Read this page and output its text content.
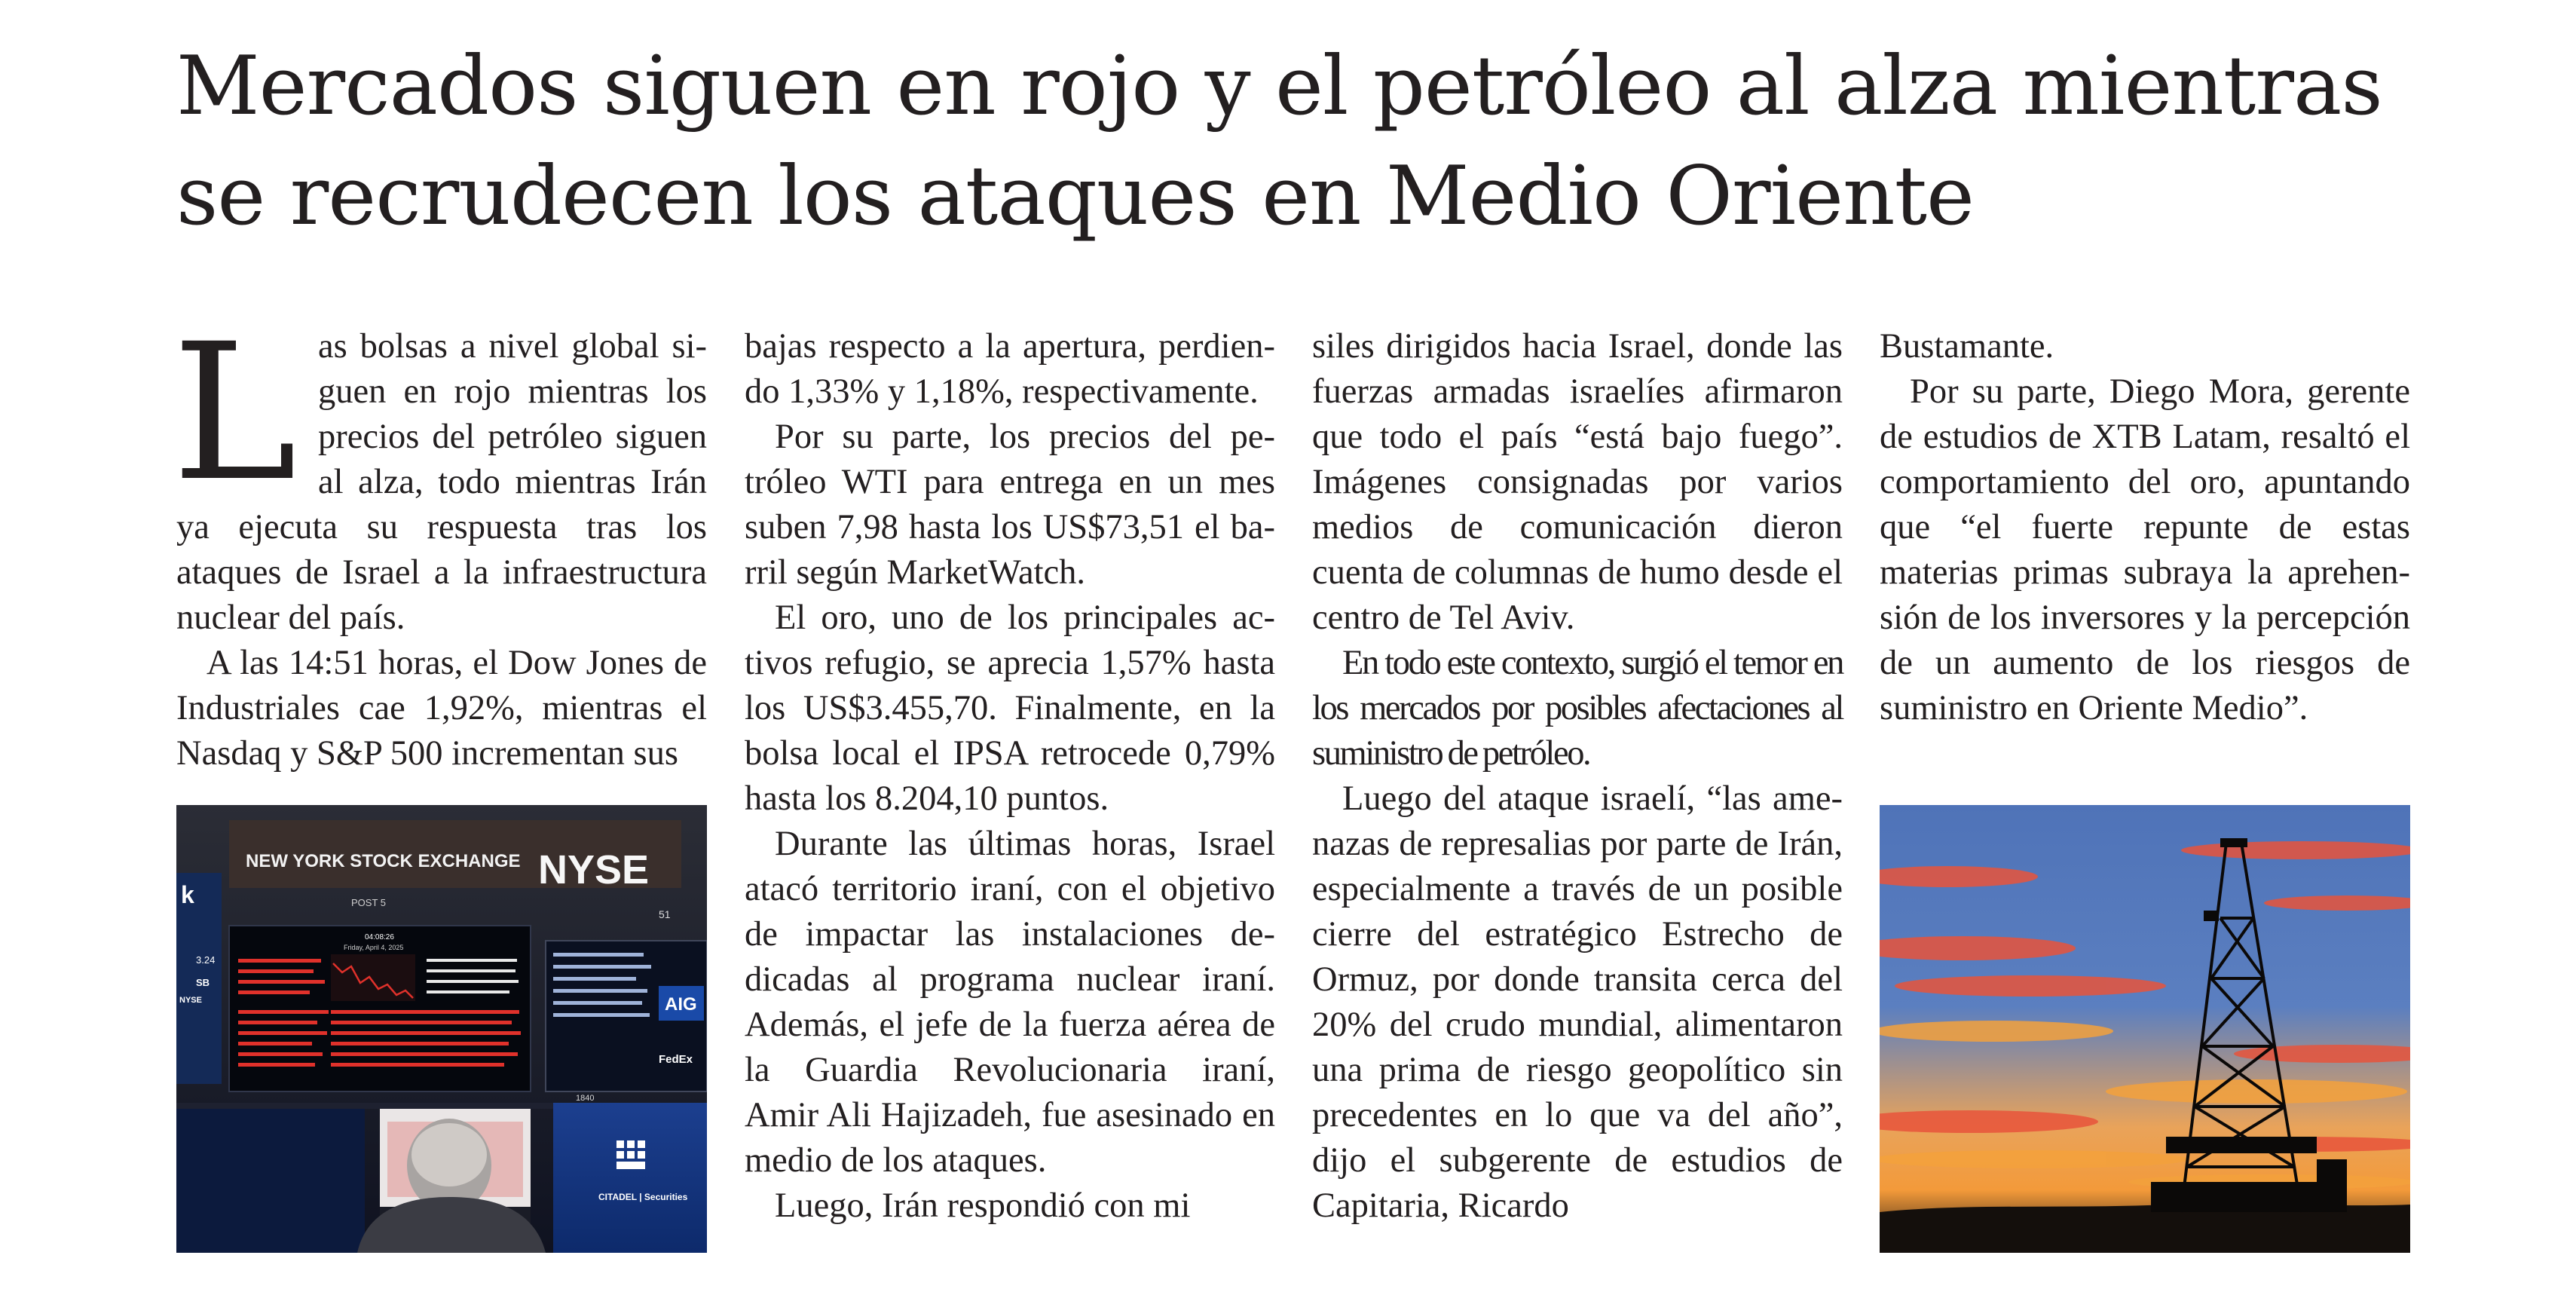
Mercados siguen en rojo y el petróleo al alza mientras
se recrudecen los ataques en Medio Oriente

Las bolsas a nivel global siguen en rojo mientras los precios del petróleo siguen al alza, todo mientras Irán ya ejecuta su respuesta tras los ataques de Israel a la infraestructura nuclear del país.

A las 14:51 horas, el Dow Jones de Industriales cae 1,92%, mientras el Nasdaq y S&P 500 incrementan sus

NEW YORK STOCK EXCHANGE NYSE
POST 5
51
k
3.24
SB
NYSE
04:08:26
Friday, April 4, 2025
AIG
FedEx
1840
CITADEL | Securities

bajas respecto a la apertura, perdiendo 1,33% y 1,18%, respectivamente.

Por su parte, los precios del petróleo WTI para entrega en un mes suben 7,98 hasta los US$73,51 el barril según MarketWatch.

El oro, uno de los principales activos refugio, se aprecia 1,57% hasta los US$3.455,70. Finalmente, en la bolsa local el IPSA retrocede 0,79% hasta los 8.204,10 puntos.

Durante las últimas horas, Israel atacó territorio iraní, con el objetivo de impactar las instalaciones dedicadas al programa nuclear iraní. Además, el jefe de la fuerza aérea de la Guardia Revolucionaria iraní, Amir Ali Hajizadeh, fue asesinado en medio de los ataques.

Luego, Irán respondió con mi

siles dirigidos hacia Israel, donde las fuerzas armadas israelíes afirmaron que todo el país “está bajo fuego”. Imágenes consignadas por varios medios de comunicación dieron cuenta de columnas de humo desde el centro de Tel Aviv.

En todo este contexto, surgió el temor en los mercados por posibles afectaciones al suministro de petróleo.

Luego del ataque israelí, “las amenazas de represalias por parte de Irán, especialmente a través de un posible cierre del estratégico Estrecho de Ormuz, por donde transita cerca del 20% del crudo mundial, alimentaron una prima de riesgo geopolítico sin precedentes en lo que va del año”, dijo el subgerente de estudios de Capitaria, Ricardo

Bustamante.

Por su parte, Diego Mora, gerente de estudios de XTB Latam, resaltó el comportamiento del oro, apuntando que “el fuerte repunte de estas materias primas subraya la aprehensión de los inversores y la percepción de un aumento de los riesgos de suministro en Oriente Medio”.
